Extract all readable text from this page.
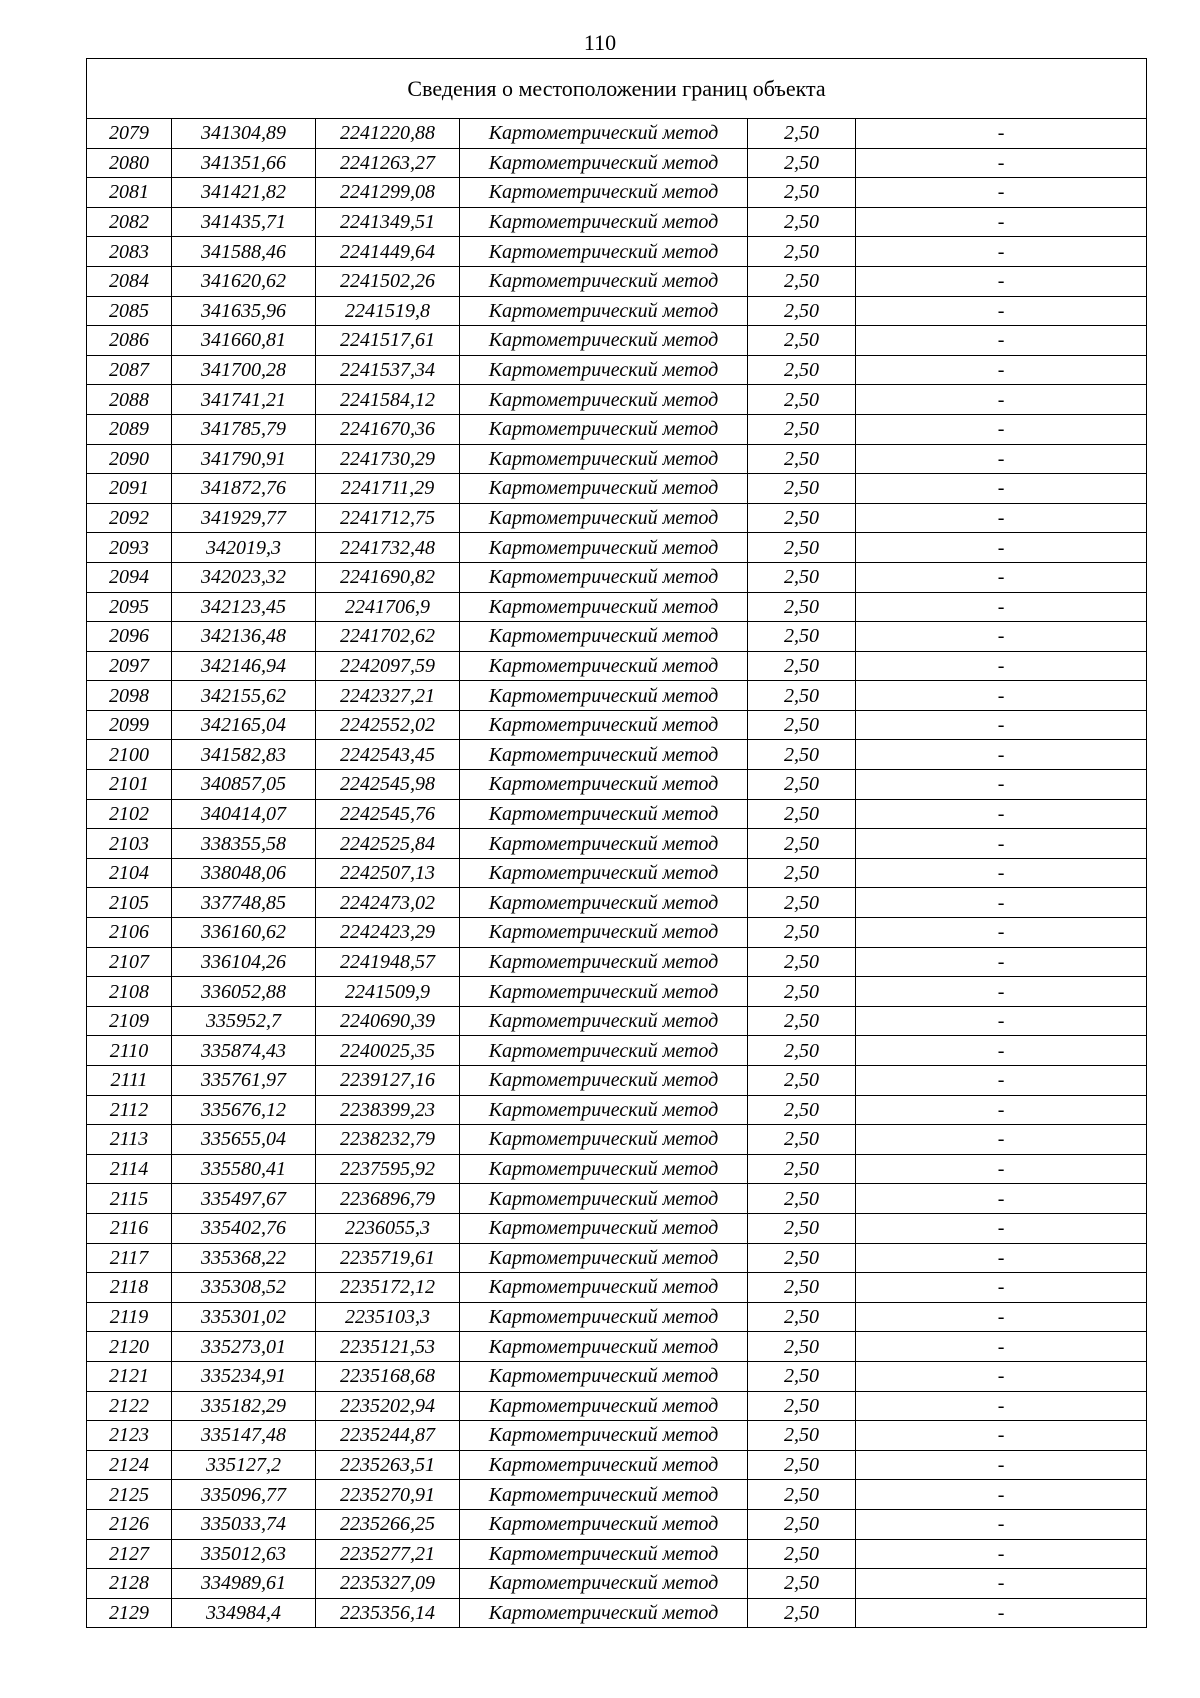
110
Сведения о местоположении границ объекта					
2079	341304,89	2241220,88	Картометрический метод	2,50	-
2080	341351,66	2241263,27	Картометрический метод	2,50	-
2081	341421,82	2241299,08	Картометрический метод	2,50	-
2082	341435,71	2241349,51	Картометрический метод	2,50	-
2083	341588,46	2241449,64	Картометрический метод	2,50	-
2084	341620,62	2241502,26	Картометрический метод	2,50	-
2085	341635,96	2241519,8	Картометрический метод	2,50	-
2086	341660,81	2241517,61	Картометрический метод	2,50	-
2087	341700,28	2241537,34	Картометрический метод	2,50	-
2088	341741,21	2241584,12	Картометрический метод	2,50	-
2089	341785,79	2241670,36	Картометрический метод	2,50	-
2090	341790,91	2241730,29	Картометрический метод	2,50	-
2091	341872,76	2241711,29	Картометрический метод	2,50	-
2092	341929,77	2241712,75	Картометрический метод	2,50	-
2093	342019,3	2241732,48	Картометрический метод	2,50	-
2094	342023,32	2241690,82	Картометрический метод	2,50	-
2095	342123,45	2241706,9	Картометрический метод	2,50	-
2096	342136,48	2241702,62	Картометрический метод	2,50	-
2097	342146,94	2242097,59	Картометрический метод	2,50	-
2098	342155,62	2242327,21	Картометрический метод	2,50	-
2099	342165,04	2242552,02	Картометрический метод	2,50	-
2100	341582,83	2242543,45	Картометрический метод	2,50	-
2101	340857,05	2242545,98	Картометрический метод	2,50	-
2102	340414,07	2242545,76	Картометрический метод	2,50	-
2103	338355,58	2242525,84	Картометрический метод	2,50	-
2104	338048,06	2242507,13	Картометрический метод	2,50	-
2105	337748,85	2242473,02	Картометрический метод	2,50	-
2106	336160,62	2242423,29	Картометрический метод	2,50	-
2107	336104,26	2241948,57	Картометрический метод	2,50	-
2108	336052,88	2241509,9	Картометрический метод	2,50	-
2109	335952,7	2240690,39	Картометрический метод	2,50	-
2110	335874,43	2240025,35	Картометрический метод	2,50	-
2111	335761,97	2239127,16	Картометрический метод	2,50	-
2112	335676,12	2238399,23	Картометрический метод	2,50	-
2113	335655,04	2238232,79	Картометрический метод	2,50	-
2114	335580,41	2237595,92	Картометрический метод	2,50	-
2115	335497,67	2236896,79	Картометрический метод	2,50	-
2116	335402,76	2236055,3	Картометрический метод	2,50	-
2117	335368,22	2235719,61	Картометрический метод	2,50	-
2118	335308,52	2235172,12	Картометрический метод	2,50	-
2119	335301,02	2235103,3	Картометрический метод	2,50	-
2120	335273,01	2235121,53	Картометрический метод	2,50	-
2121	335234,91	2235168,68	Картометрический метод	2,50	-
2122	335182,29	2235202,94	Картометрический метод	2,50	-
2123	335147,48	2235244,87	Картометрический метод	2,50	-
2124	335127,2	2235263,51	Картометрический метод	2,50	-
2125	335096,77	2235270,91	Картометрический метод	2,50	-
2126	335033,74	2235266,25	Картометрический метод	2,50	-
2127	335012,63	2235277,21	Картометрический метод	2,50	-
2128	334989,61	2235327,09	Картометрический метод	2,50	-
2129	334984,4	2235356,14	Картометрический метод	2,50	-
